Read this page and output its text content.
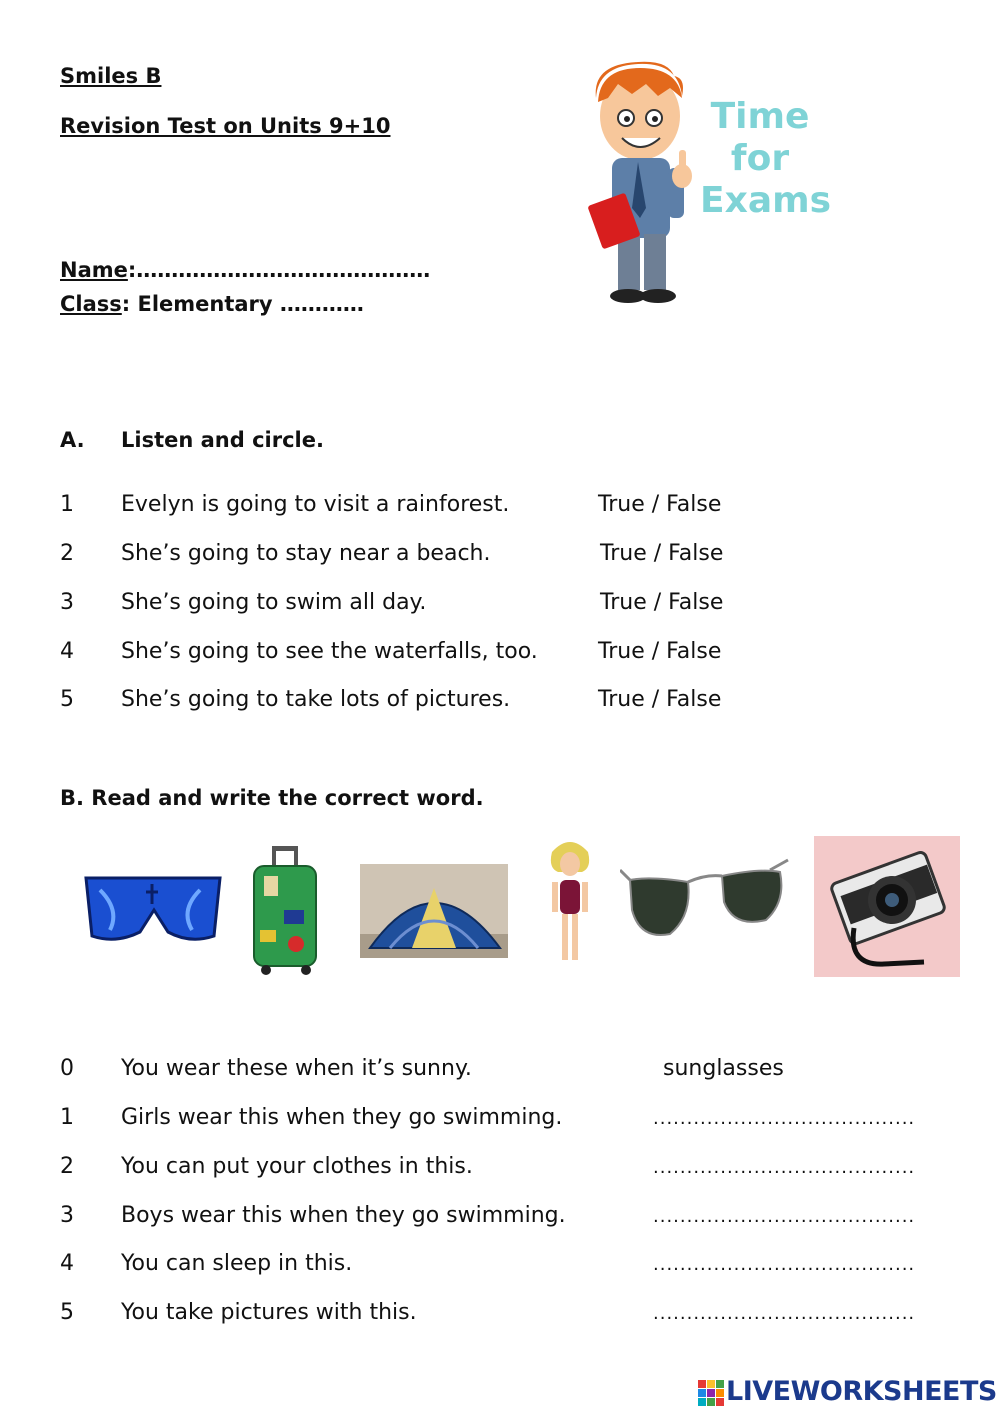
Smiles B
Revision Test on Units 9+10
Name:……………………………………
Class: Elementary …………
Time
for
Exams
A. Listen and circle.
1 Evelyn is going to visit a rainforest.	True / False
2 She’s going to stay near a beach.	True / False
3 She’s going to swim all day.	True / False
4 She’s going to see the waterfalls, too.	True / False
5 She’s going to take lots of pictures.	True / False
B. Read and write the correct word.
0 You wear these when it’s sunny.	sunglasses
1 Girls wear this when they go swimming.	.......................................
2 You can put your clothes in this.	.......................................
3 Boys wear this when they go swimming.	.......................................
4 You can sleep in this.	.......................................
5 You take pictures with this.	.......................................
LIVEWORKSHEETS
